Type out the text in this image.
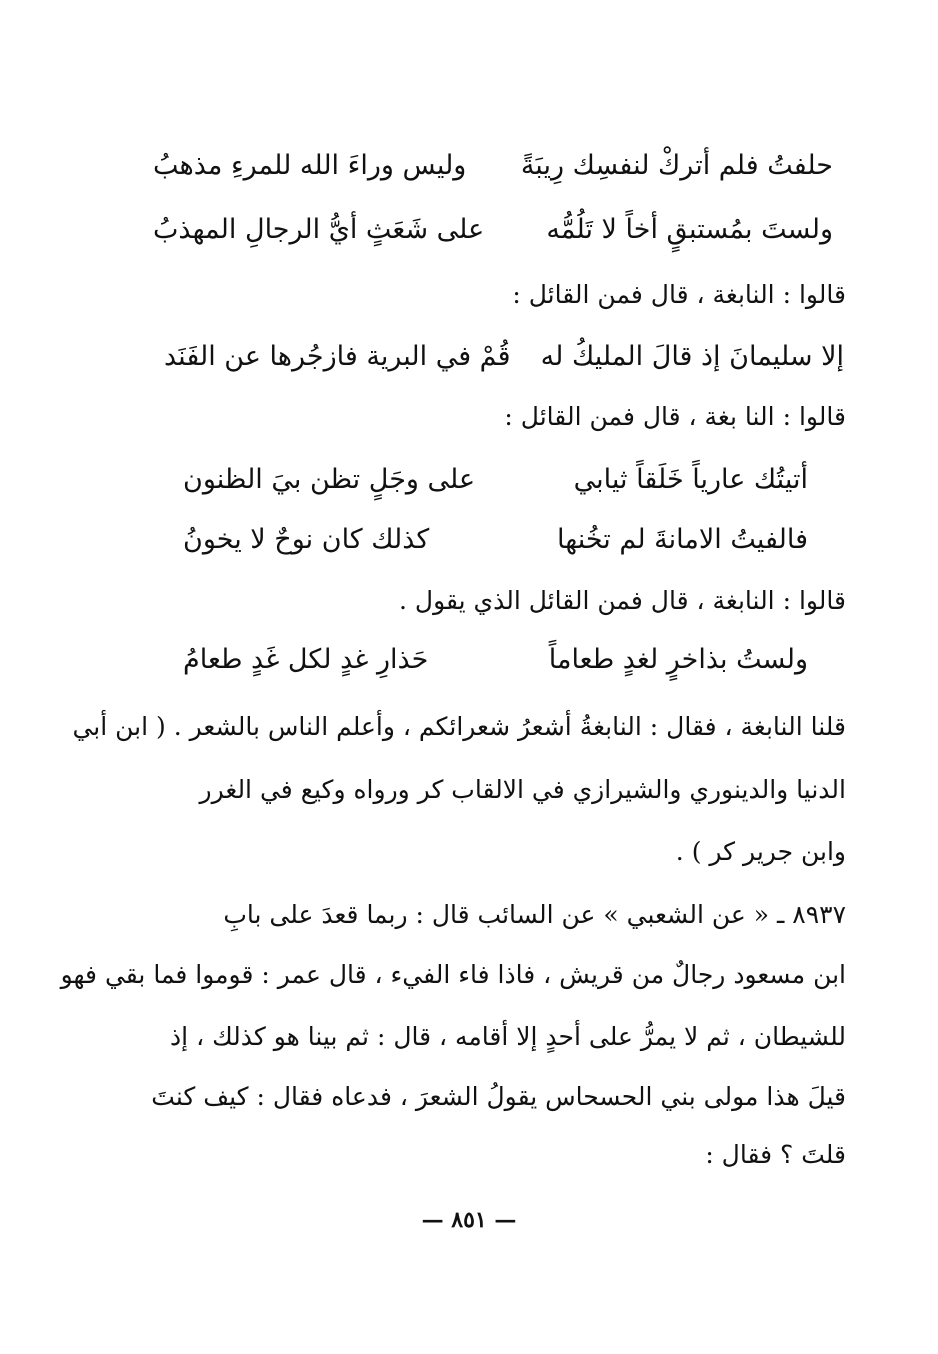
حلفتُ فلم أتركْ لنفسِك رِيبَةً
وليس وراءَ الله للمرءِ مذهبُ
ولستَ بمُستبقٍ أخاً لا تَلُمُّه
على شَعَثٍ أيُّ الرجالِ المهذبُ
قالوا : النابغة ، قال فمن القائل :
إلا سليمانَ إذ قالَ المليكُ له
قُمْ في البرية فازجُرها عن الفَنَد
قالوا : النا بغة ، قال فمن القائل :
أتيتُك عارياً خَلَقاً ثيابي
على وجَلٍ تظن بيَ الظنون
فالفيتُ الامانةَ لم تخُنها
كذلك كان نوحٌ لا يخونُ
قالوا : النابغة ، قال فمن القائل الذي يقول .
ولستُ بذاخرٍ لغدٍ طعاماً
حَذارِ غدٍ لكل غَدٍ طعامُ
قلنا النابغة ، فقال : النابغةُ أشعرُ شعرائكم ، وأعلم الناس بالشعر . ( ابن أبي
الدنيا والدينوري والشيرازي في الالقاب كر ورواه وكيع في الغرر
وابن جرير كر ) .
٨٩٣٧ ـ « عن الشعبي » عن السائب قال : ربما قعدَ على بابِ
ابن مسعود رجالٌ من قريش ، فاذا فاء الفيء ، قال عمر : قوموا فما بقي فهو
للشيطان ، ثم لا يمرُّ على أحدٍ إلا أقامه ، قال : ثم بينا هو كذلك ، إذ
قيلَ هذا مولى بني الحسحاس يقولُ الشعرَ ، فدعاه فقال : كيف كنتَ
قلتَ ؟ فقال :
— ٨٥١ —
